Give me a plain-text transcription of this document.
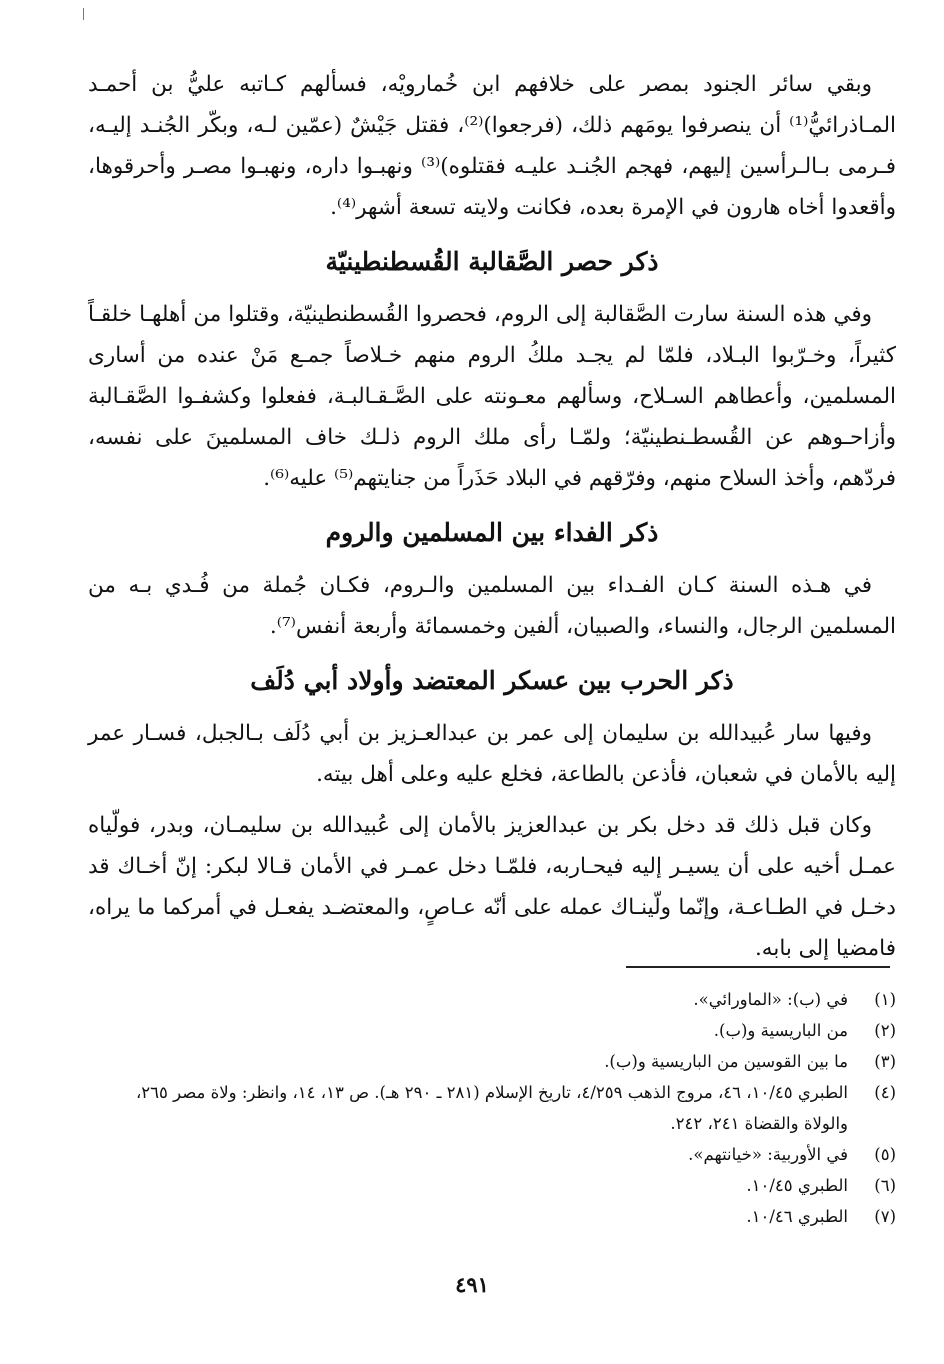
وبقي سائر الجنود بمصر على خلافهم ابن خُمارويْه، فسألهم كـاتبه عليُّ بن أحمـد المـاذرائيُّ⁽¹⁾ أن ينصرفوا يومَهم ذلك، (فرجعوا)⁽²⁾، فقتل جَيْشٌ (عمّين لـه، وبكّر الجُنـد إليـه، فـرمى بـالـرأسين إليهم، فهجم الجُنـد عليـه فقتلوه)⁽³⁾ ونهبـوا داره، ونهبـوا مصـر وأحرقوها، وأقعدوا أخاه هارون في الإمرة بعده، فكانت ولايته تسعة أشهر⁽⁴⁾.

ذكر حصر الصَّقالبة القُسطنطينيّة

وفي هذه السنة سارت الصَّقالبة إلى الروم، فحصروا القُسطنطينيّة، وقتلوا من أهلهـا خلقـاً كثيراً، وخـرّبوا البـلاد، فلمّا لم يجـد ملكُ الروم منهم خـلاصاً جمـع مَنْ عنده من أسارى المسلمين، وأعطاهم السـلاح، وسألهم معـونته على الصَّـقـالبـة، ففعلوا وكشفـوا الصَّقـالبة وأزاحـوهم عن القُسطـنطينيّة؛ ولمّـا رأى ملك الروم ذلـك خاف المسلمينَ على نفسه، فردّهم، وأخذ السلاح منهم، وفرّقهم في البلاد حَذَراً من جنايتهم⁽⁵⁾ عليه⁽⁶⁾.

ذكر الفداء بين المسلمين والروم

في هـذه السنة كـان الفـداء بين المسلمين والـروم، فكـان جُملة من فُـدي بـه من المسلمين الرجال، والنساء، والصبيان، ألفين وخمسمائة وأربعة أنفس⁽⁷⁾.

ذكر الحرب بين عسكر المعتضد وأولاد أبي دُلَف

وفيها سار عُبيدالله بن سليمان إلى عمر بن عبدالعـزيز بن أبي دُلَف بـالجبل، فسـار عمر إليه بالأمان في شعبان، فأذعن بالطاعة، فخلع عليه وعلى أهل بيته.

وكان قبل ذلك قد دخل بكر بن عبدالعزيز بالأمان إلى عُبيدالله بن سليمـان، وبدر، فولّياه عمـل أخيه على أن يسيـر إليه فيحـاربه، فلمّـا دخل عمـر في الأمان قـالا لبكر: إنّ أخـاك قد دخـل في الطـاعـة، وإنّما ولّينـاك عمله على أنّه عـاصٍ، والمعتضـد يفعـل في أمركما ما يراه، فامضيا إلى بابه.

(١)
في (ب): «الماورائي».
(٢)
من الباريسية و(ب).
(٣)
ما بين القوسين من الباريسية و(ب).
(٤)
الطبري ١٠/٤٥، ٤٦، مروج الذهب ٤/٢٥٩، تاريخ الإسلام (٢٨١ ـ ٢٩٠ هـ). ص ١٣، ١٤، وانظر: ولاة مصر ٢٦٥، والولاة والقضاة ٢٤١، ٢٤٢.
(٥)
في الأوربية: «خيانتهم».
(٦)
الطبري ١٠/٤٥.
(٧)
الطبري ١٠/٤٦.
٤٩١
